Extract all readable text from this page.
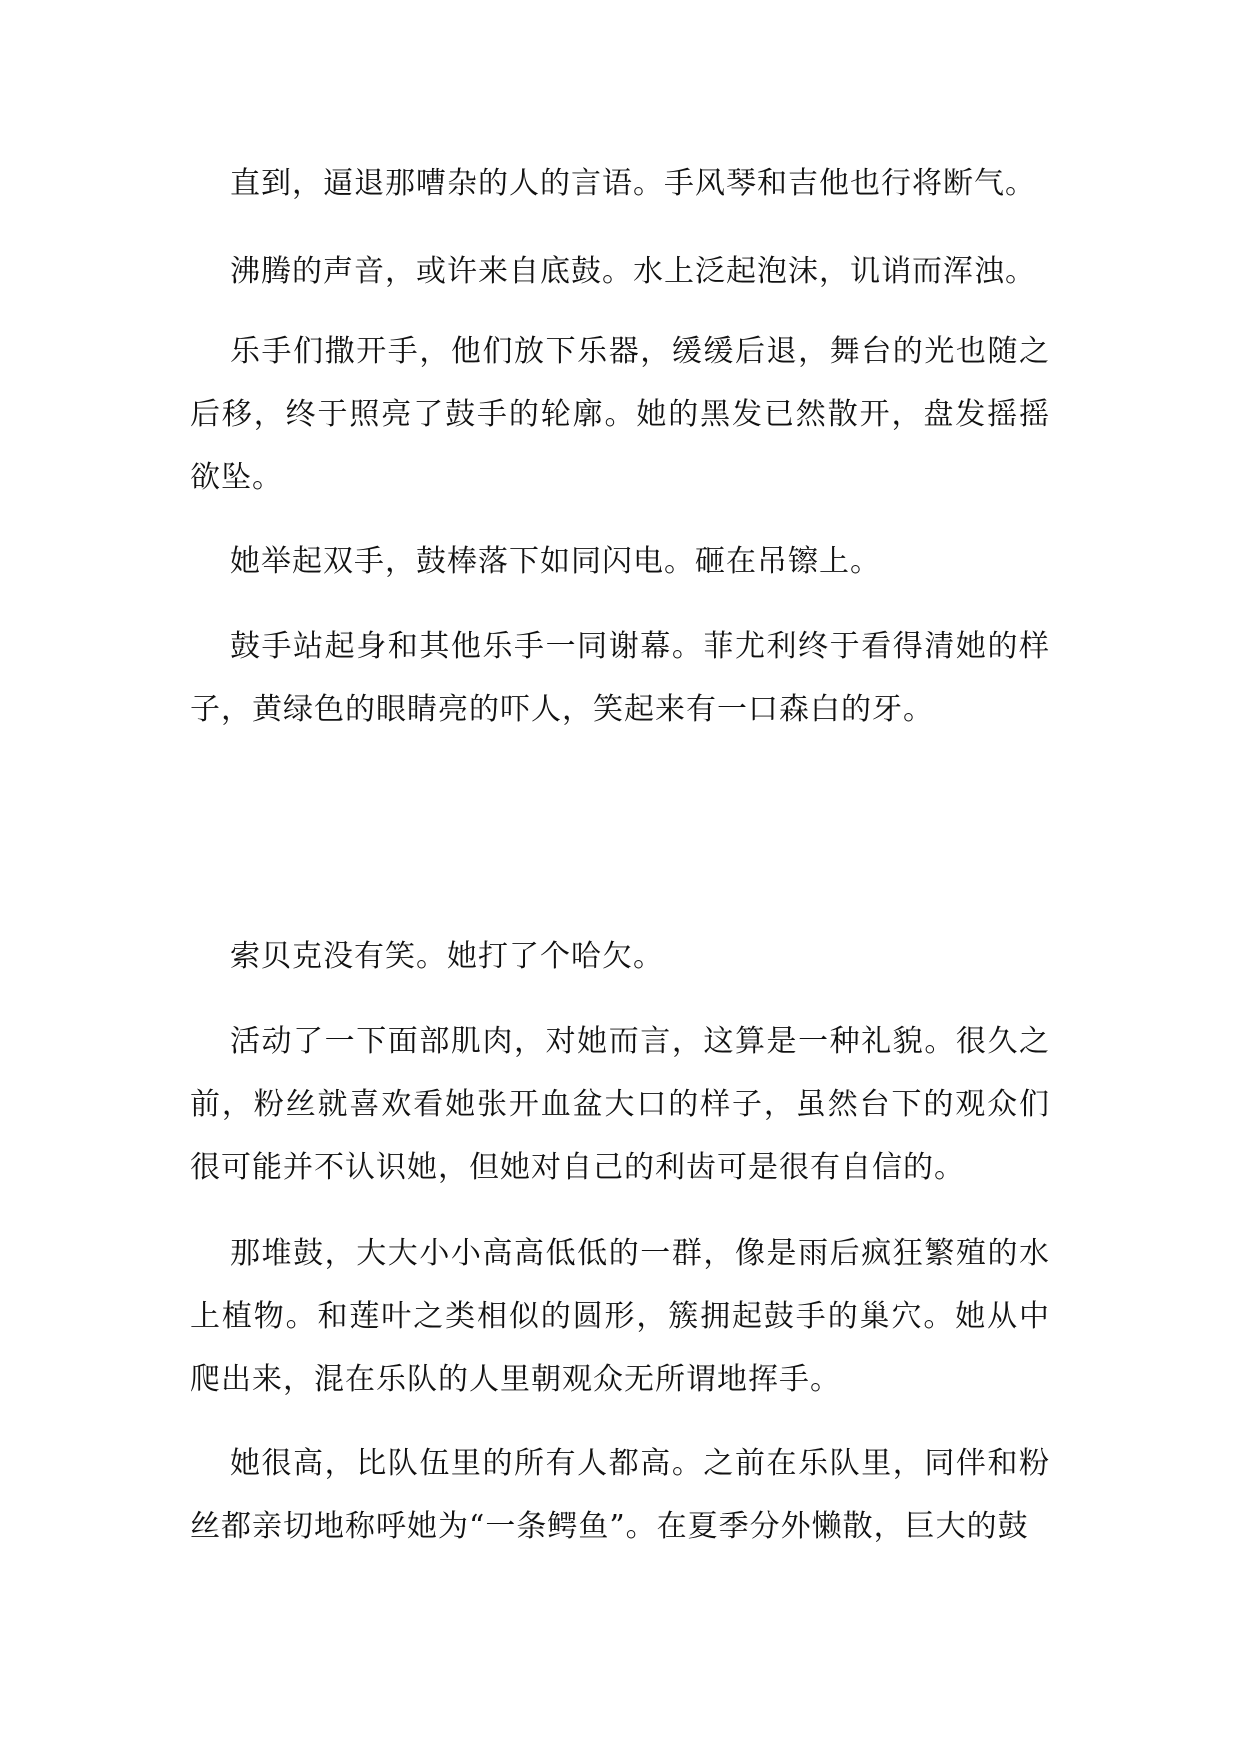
直到，逼退那嘈杂的人的言语。手风琴和吉他也行将断气。

沸腾的声音，或许来自底鼓。水上泛起泡沫，讥诮而浑浊。

乐手们撒开手，他们放下乐器，缓缓后退，舞台的光也随之后移，终于照亮了鼓手的轮廓。她的黑发已然散开，盘发摇摇欲坠。

她举起双手，鼓棒落下如同闪电。砸在吊镲上。

鼓手站起身和其他乐手一同谢幕。菲尤利终于看得清她的样子，黄绿色的眼睛亮的吓人，笑起来有一口森白的牙。

索贝克没有笑。她打了个哈欠。

活动了一下面部肌肉，对她而言，这算是一种礼貌。很久之前，粉丝就喜欢看她张开血盆大口的样子，虽然台下的观众们很可能并不认识她，但她对自己的利齿可是很有自信的。

那堆鼓，大大小小高高低低的一群，像是雨后疯狂繁殖的水上植物。和莲叶之类相似的圆形，簇拥起鼓手的巢穴。她从中爬出来，混在乐队的人里朝观众无所谓地挥手。

她很高，比队伍里的所有人都高。之前在乐队里，同伴和粉丝都亲切地称呼她为“一条鳄鱼”。在夏季分外懒散，巨大的鼓
